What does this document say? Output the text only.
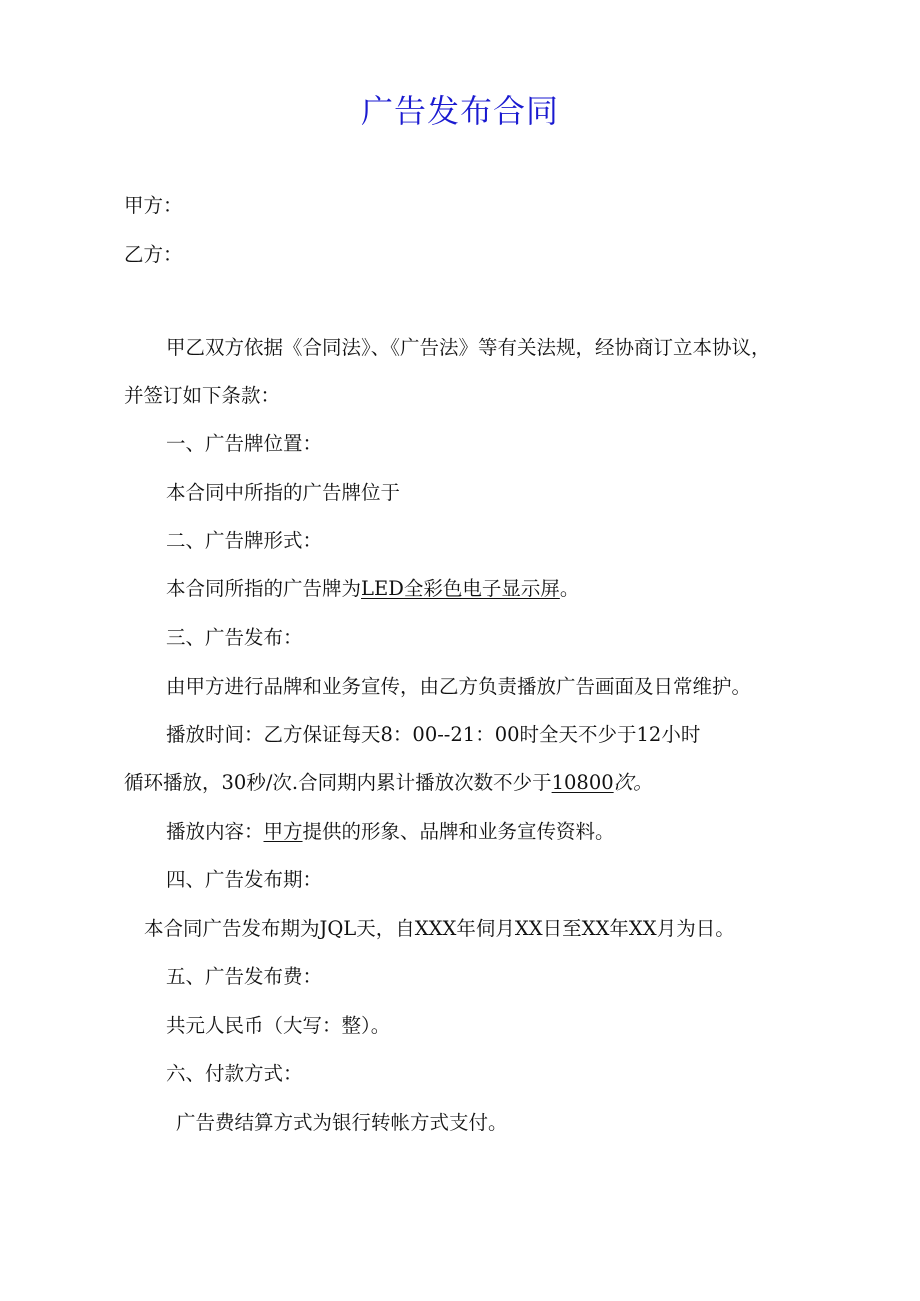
广告发布合同

甲方：

乙方：

甲乙双方依据《合同法》、《广告法》等有关法规，经协商订立本协议，

并签订如下条款：

一、广告牌位置：

本合同中所指的广告牌位于

二、广告牌形式：

本合同所指的广告牌为LED全彩色电子显示屏。

三、广告发布：

由甲方进行品牌和业务宣传，由乙方负责播放广告画面及日常维护。

播放时间：乙方保证每天8：00--21：00时全天不少于12小时

循环播放，30秒/次.合同期内累计播放次数不少于10800次。

播放内容：甲方提供的形象、品牌和业务宣传资料。

四、广告发布期：

本合同广告发布期为JQL天，自XXX年伺月XX日至XX年XX月为日。

五、广告发布费：

共元人民币（大写：整）。

六、付款方式：

广告费结算方式为银行转帐方式支付。
